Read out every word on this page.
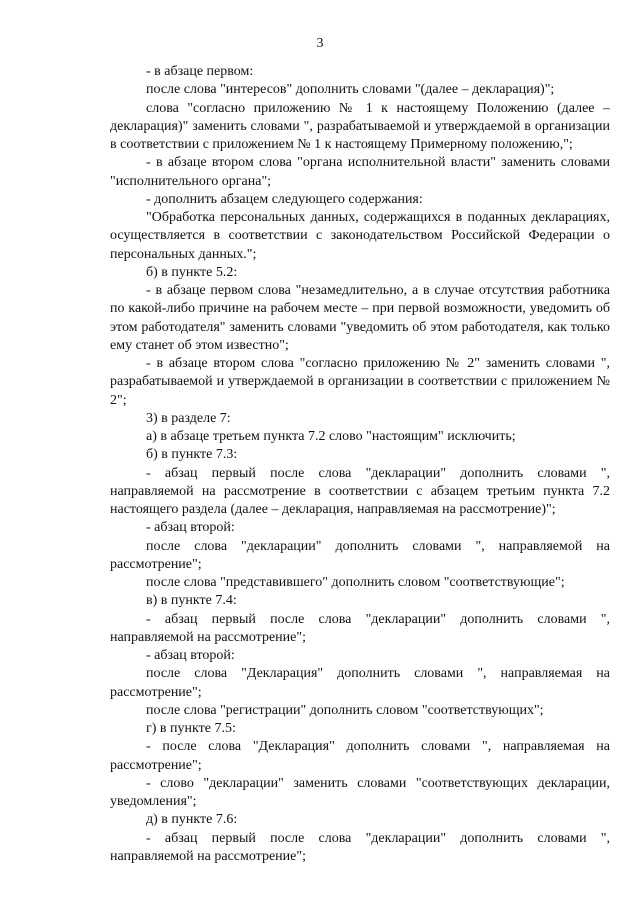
3

- в абзаце первом:

после слова "интересов" дополнить словами "(далее – декларация)";

слова "согласно приложению № 1 к настоящему Положению (далее – декларация)" заменить словами ", разрабатываемой и утверждаемой в организации в соответствии с приложением № 1 к настоящему Примерному положению,";

- в абзаце втором слова "органа исполнительной власти" заменить словами "исполнительного органа";

- дополнить абзацем следующего содержания:

"Обработка персональных данных, содержащихся в поданных декларациях, осуществляется в соответствии с законодательством Российской Федерации о персональных данных.";

б) в пункте 5.2:

- в абзаце первом слова "незамедлительно, а в случае отсутствия работника по какой-либо причине на рабочем месте – при первой возможности, уведомить об этом работодателя" заменить словами "уведомить об этом работодателя, как только ему станет об этом известно";

- в абзаце втором слова "согласно приложению № 2" заменить словами ", разрабатываемой и утверждаемой в организации в соответствии с приложением № 2";

3) в разделе 7:

а) в абзаце третьем пункта 7.2 слово "настоящим" исключить;

б) в пункте 7.3:

- абзац первый после слова "декларации" дополнить словами ", направляемой на рассмотрение в соответствии с абзацем третьим пункта 7.2 настоящего раздела (далее – декларация, направляемая на рассмотрение)";

- абзац второй:

после слова "декларации" дополнить словами ", направляемой на рассмотрение";

после слова "представившего" дополнить словом "соответствующие";

в) в пункте 7.4:

- абзац первый после слова "декларации" дополнить словами ", направляемой на рассмотрение";

- абзац второй:

после слова "Декларация" дополнить словами ", направляемая на рассмотрение";

после слова "регистрации" дополнить словом "соответствующих";

г) в пункте 7.5:

- после слова "Декларация" дополнить словами ", направляемая на рассмотрение";

- слово "декларации" заменить словами "соответствующих декларации, уведомления";

д) в пункте 7.6:

- абзац первый после слова "декларации" дополнить словами ", направляемой на рассмотрение";
